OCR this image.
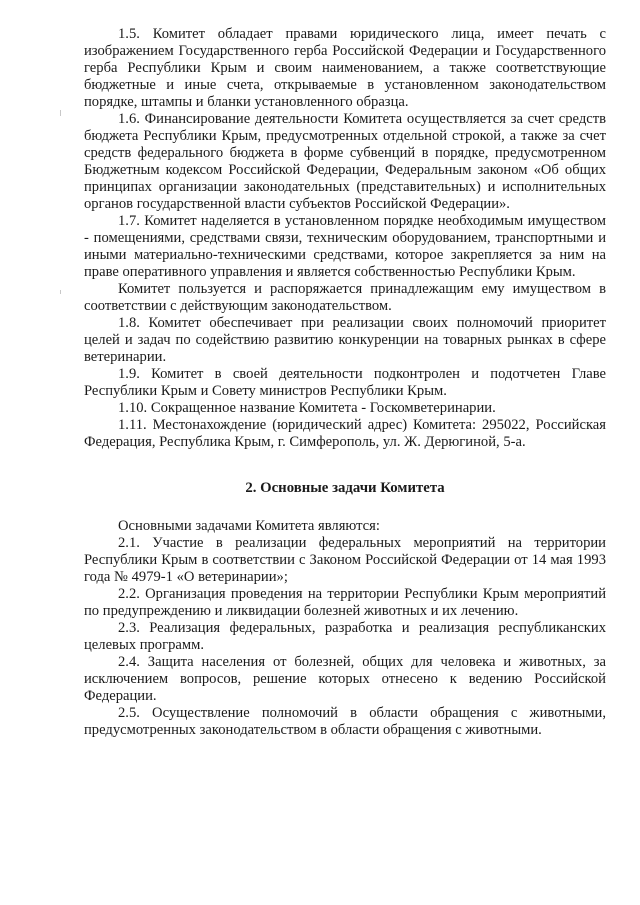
1.5. Комитет обладает правами юридического лица, имеет печать с изображением Государственного герба Российской Федерации и Государственного герба Республики Крым и своим наименованием, а также соответствующие бюджетные и иные счета, открываемые в установленном законодательством порядке, штампы и бланки установленного образца.

1.6. Финансирование деятельности Комитета осуществляется за счет средств бюджета Республики Крым, предусмотренных отдельной строкой, а также за счет средств федерального бюджета в форме субвенций в порядке, предусмотренном Бюджетным кодексом Российской Федерации, Федеральным законом «Об общих принципах организации законодательных (представительных) и исполнительных органов государственной власти субъектов Российской Федерации».

1.7. Комитет наделяется в установленном порядке необходимым имуществом - помещениями, средствами связи, техническим оборудованием, транспортными и иными материально-техническими средствами, которое закрепляется за ним на праве оперативного управления и является собственностью Республики Крым.

Комитет пользуется и распоряжается принадлежащим ему имуществом в соответствии с действующим законодательством.

1.8. Комитет обеспечивает при реализации своих полномочий приоритет целей и задач по содействию развитию конкуренции на товарных рынках в сфере ветеринарии.

1.9. Комитет в своей деятельности подконтролен и подотчетен Главе Республики Крым и Совету министров Республики Крым.

1.10. Сокращенное название Комитета - Госкомветеринарии.

1.11. Местонахождение (юридический адрес) Комитета: 295022, Российская Федерация, Республика Крым, г. Симферополь, ул. Ж. Дерюгиной, 5-а.

2. Основные задачи Комитета

Основными задачами Комитета являются:

2.1. Участие в реализации федеральных мероприятий на территории Республики Крым в соответствии с Законом Российской Федерации от 14 мая 1993 года № 4979-1 «О ветеринарии»;

2.2. Организация проведения на территории Республики Крым мероприятий по предупреждению и ликвидации болезней животных и их лечению.

2.3. Реализация федеральных, разработка и реализация республиканских целевых программ.

2.4. Защита населения от болезней, общих для человека и животных, за исключением вопросов, решение которых отнесено к ведению Российской Федерации.

2.5. Осуществление полномочий в области обращения с животными, предусмотренных законодательством в области обращения с животными.
